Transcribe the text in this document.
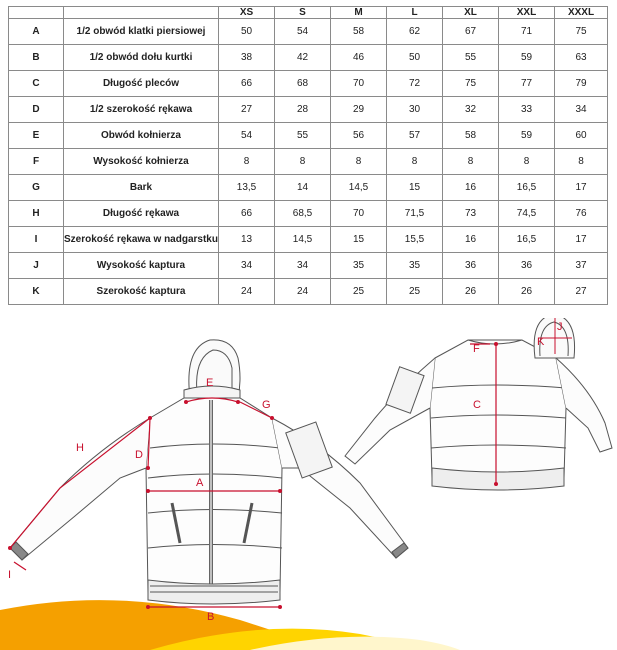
		XS	S	M	L	XL	XXL	XXXL
A	1/2 obwód klatki piersiowej	50	54	58	62	67	71	75
B	1/2 obwód dołu kurtki	38	42	46	50	55	59	63
C	Długość pleców	66	68	70	72	75	77	79
D	1/2 szerokość rękawa	27	28	29	30	32	33	34
E	Obwód kołnierza	54	55	56	57	58	59	60
F	Wysokość kołnierza	8	8	8	8	8	8	8
G	Bark	13,5	14	14,5	15	16	16,5	17
H	Długość rękawa	66	68,5	70	71,5	73	74,5	76
I	Szerokość rękawa w nadgarstku	13	14,5	15	15,5	16	16,5	17
J	Wysokość kaptura	34	34	35	35	36	36	37
K	Szerokość kaptura	24	24	25	25	26	26	27
E
G
H
D
A
B
I
F
C
J
K
